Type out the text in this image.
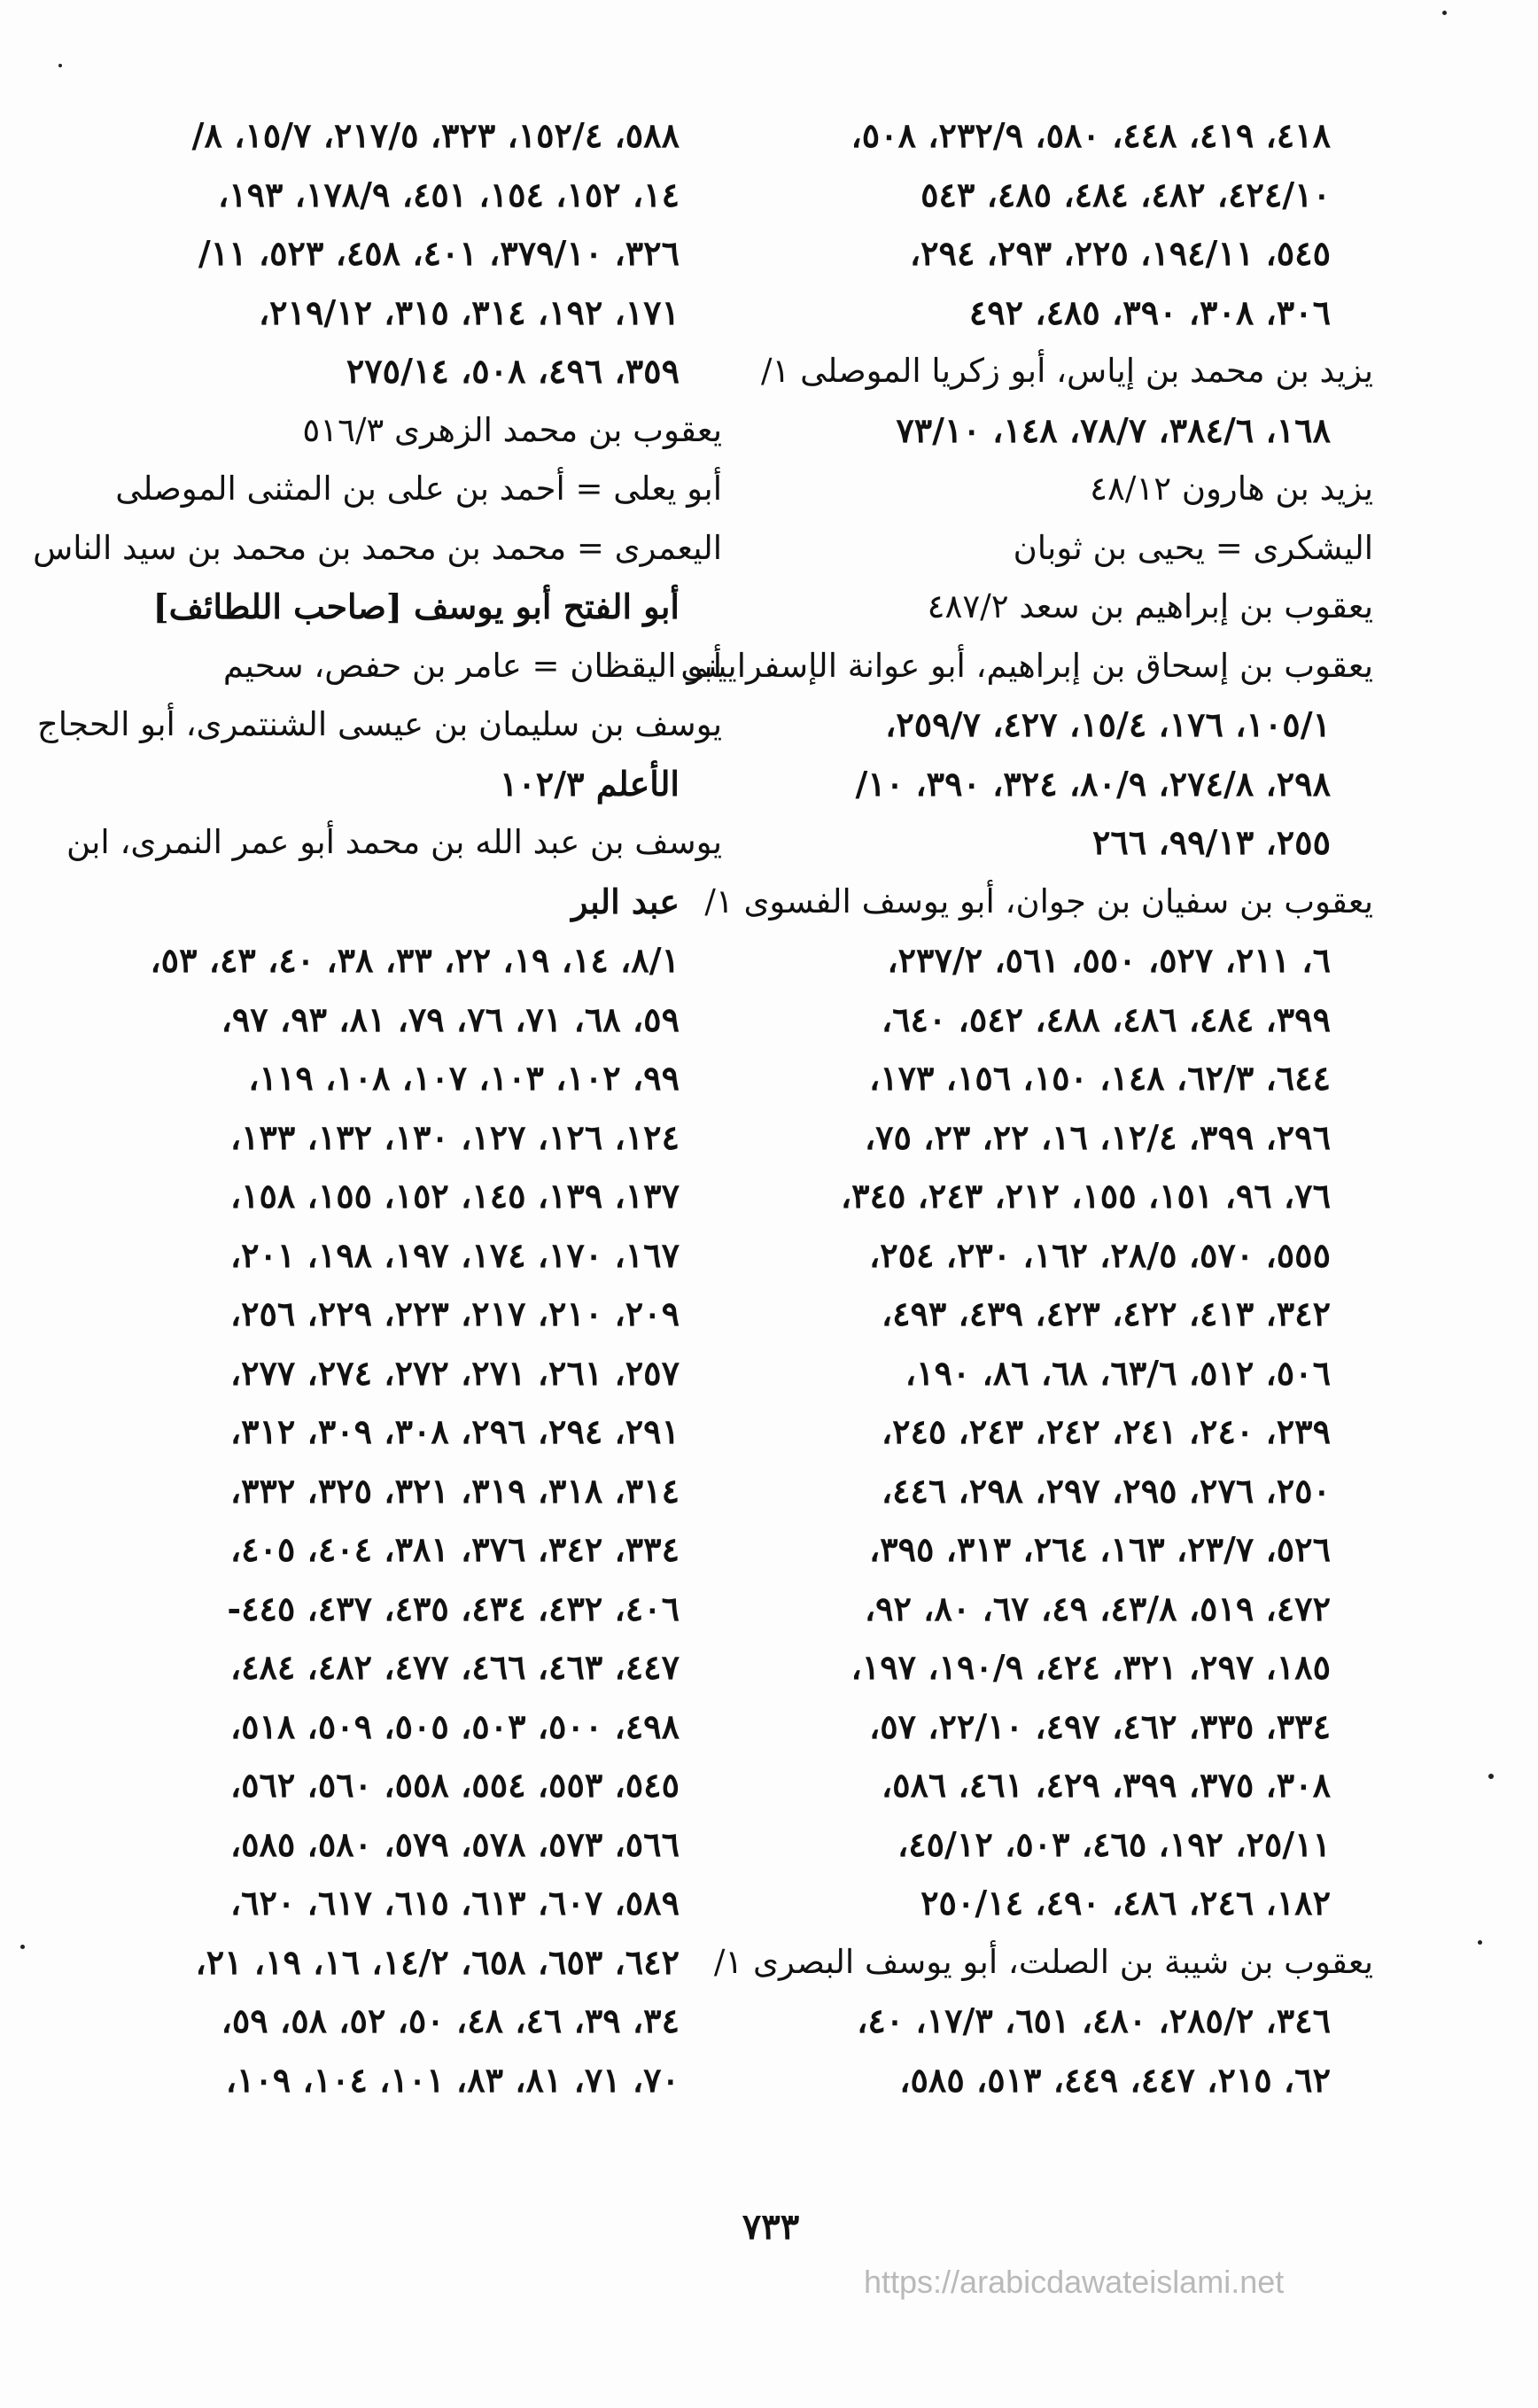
٤١٨، ٤١٩، ٤٤٨، ٥٨٠، ٢٣٢/٩، ٥٠٨،
٤٢٤/١٠، ٤٨٢، ٤٨٤، ٤٨٥، ٥٤٣
٥٤٥، ١٩٤/١١، ٢٢٥، ٢٩٣، ٢٩٤،
٣٠٦، ٣٠٨، ٣٩٠، ٤٨٥، ٤٩٢
يزيد بن محمد بن إياس، أبو زكريا الموصلى ١/
١٦٨، ٣٨٤/٦، ٧٨/٧، ١٤٨، ٧٣/١٠
يزيد بن هارون ٤٨/١٢
اليشكرى = يحيى بن ثوبان
يعقوب بن إبراهيم بن سعد ٤٨٧/٢
يعقوب بن إسحاق بن إبراهيم، أبو عوانة الإسفرايينى
١٠٥/١، ١٧٦، ١٥/٤، ٤٢٧، ٢٥٩/٧،
٢٩٨، ٢٧٤/٨، ٨٠/٩، ٣٢٤، ٣٩٠، ١٠/
٢٥٥، ٩٩/١٣، ٢٦٦
يعقوب بن سفيان بن جوان، أبو يوسف الفسوى ١/
٦، ٢١١، ٥٢٧، ٥٥٠، ٥٦١، ٢٣٧/٢،
٣٩٩، ٤٨٤، ٤٨٦، ٤٨٨، ٥٤٢، ٦٤٠،
٦٤٤، ٦٢/٣، ١٤٨، ١٥٠، ١٥٦، ١٧٣،
٢٩٦، ٣٩٩، ١٢/٤، ١٦، ٢٢، ٢٣، ٧٥،
٧٦، ٩٦، ١٥١، ١٥٥، ٢١٢، ٢٤٣، ٣٤٥،
٥٥٥، ٥٧٠، ٢٨/٥، ١٦٢، ٢٣٠، ٢٥٤،
٣٤٢، ٤١٣، ٤٢٢، ٤٢٣، ٤٣٩، ٤٩٣،
٥٠٦، ٥١٢، ٦٣/٦، ٦٨، ٨٦، ١٩٠،
٢٣٩، ٢٤٠، ٢٤١، ٢٤٢، ٢٤٣، ٢٤٥،
٢٥٠، ٢٧٦، ٢٩٥، ٢٩٧، ٢٩٨، ٤٤٦،
٥٢٦، ٢٣/٧، ١٦٣، ٢٦٤، ٣١٣، ٣٩٥،
٤٧٢، ٥١٩، ٤٣/٨، ٤٩، ٦٧، ٨٠، ٩٢،
١٨٥، ٢٩٧، ٣٢١، ٤٢٤، ١٩٠/٩، ١٩٧،
٣٣٤، ٣٣٥، ٤٦٢، ٤٩٧، ٢٢/١٠، ٥٧،
٣٠٨، ٣٧٥، ٣٩٩، ٤٢٩، ٤٦١، ٥٨٦،
٢٥/١١، ١٩٢، ٤٦٥، ٥٠٣، ٤٥/١٢،
١٨٢، ٢٤٦، ٤٨٦، ٤٩٠، ٢٥٠/١٤
يعقوب بن شيبة بن الصلت، أبو يوسف البصرى ١/
٣٤٦، ٢٨٥/٢، ٤٨٠، ٦٥١، ١٧/٣، ٤٠،
٦٢، ٢١٥، ٤٤٧، ٤٤٩، ٥١٣، ٥٨٥،
٥٨٨، ١٥٢/٤، ٣٢٣، ٢١٧/٥، ١٥/٧، ٨/
١٤، ١٥٢، ١٥٤، ٤٥١، ١٧٨/٩، ١٩٣،
٣٢٦، ٣٧٩/١٠، ٤٠١، ٤٥٨، ٥٢٣، ١١/
١٧١، ١٩٢، ٣١٤، ٣١٥، ٢١٩/١٢،
٣٥٩، ٤٩٦، ٥٠٨، ٢٧٥/١٤
يعقوب بن محمد الزهرى ٥١٦/٣
أبو يعلى = أحمد بن على بن المثنى الموصلى
اليعمرى = محمد بن محمد بن محمد بن سيد الناس
أبو الفتح أبو يوسف [صاحب اللطائف]
أبو اليقظان = عامر بن حفص، سحيم
يوسف بن سليمان بن عيسى الشنتمرى، أبو الحجاج
الأعلم ١٠٢/٣
يوسف بن عبد الله بن محمد أبو عمر النمرى، ابن
عبد البر
٨/١، ١٤، ١٩، ٢٢، ٣٣، ٣٨، ٤٠، ٤٣، ٥٣،
٥٩، ٦٨، ٧١، ٧٦، ٧٩، ٨١، ٩٣، ٩٧،
٩٩، ١٠٢، ١٠٣، ١٠٧، ١٠٨، ١١٩،
١٢٤، ١٢٦، ١٢٧، ١٣٠، ١٣٢، ١٣٣،
١٣٧، ١٣٩، ١٤٥، ١٥٢، ١٥٥، ١٥٨،
١٦٧، ١٧٠، ١٧٤، ١٩٧، ١٩٨، ٢٠١،
٢٠٩، ٢١٠، ٢١٧، ٢٢٣، ٢٢٩، ٢٥٦،
٢٥٧، ٢٦١، ٢٧١، ٢٧٢، ٢٧٤، ٢٧٧،
٢٩١، ٢٩٤، ٢٩٦، ٣٠٨، ٣٠٩، ٣١٢،
٣١٤، ٣١٨، ٣١٩، ٣٢١، ٣٢٥، ٣٣٢،
٣٣٤، ٣٤٢، ٣٧٦، ٣٨١، ٤٠٤، ٤٠٥،
٤٠٦، ٤٣٢، ٤٣٤، ٤٣٥، ٤٣٧، ٤٤٥-
٤٤٧، ٤٦٣، ٤٦٦، ٤٧٧، ٤٨٢، ٤٨٤،
٤٩٨، ٥٠٠، ٥٠٣، ٥٠٥، ٥٠٩، ٥١٨،
٥٤٥، ٥٥٣، ٥٥٤، ٥٥٨، ٥٦٠، ٥٦٢،
٥٦٦، ٥٧٣، ٥٧٨، ٥٧٩، ٥٨٠، ٥٨٥،
٥٨٩، ٦٠٧، ٦١٣، ٦١٥، ٦١٧، ٦٢٠،
٦٤٢، ٦٥٣، ٦٥٨، ١٤/٢، ١٦، ١٩، ٢١،
٣٤، ٣٩، ٤٦، ٤٨، ٥٠، ٥٢، ٥٨، ٥٩،
٧٠، ٧١، ٨١، ٨٣، ١٠١، ١٠٤، ١٠٩،
٧٣٣
https://arabicdawateislami.net
